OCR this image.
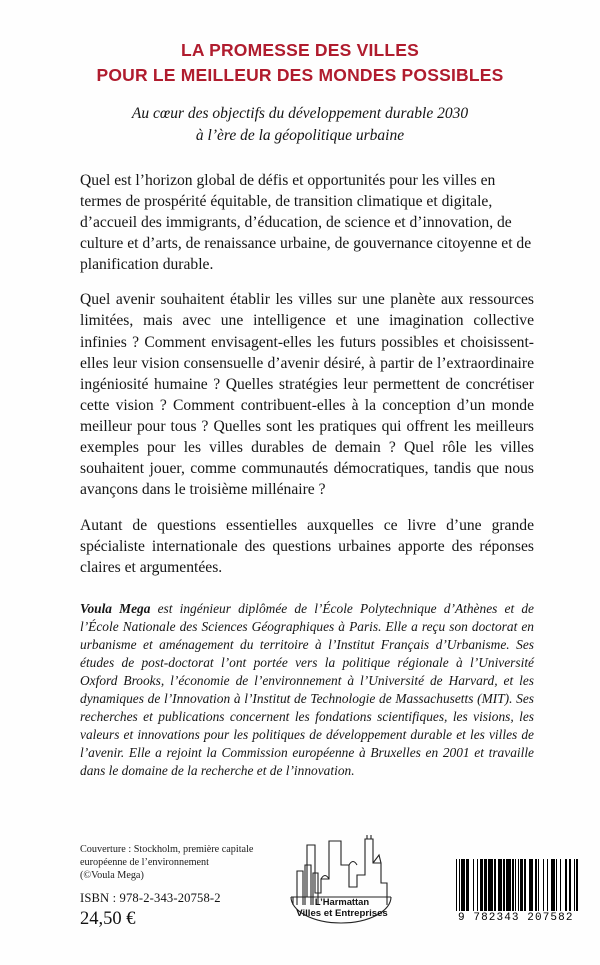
LA PROMESSE DES VILLES
POUR LE MEILLEUR DES MONDES POSSIBLES
Au cœur des objectifs du développement durable 2030
à l’ère de la géopolitique urbaine

Quel est l’horizon global de défis et opportunités pour les villes en termes de prospérité équitable, de transition climatique et digitale, d’accueil des immigrants, d’éducation, de science et d’innovation, de culture et d’arts, de renaissance urbaine, de gouvernance citoyenne et de planification durable.

Quel avenir souhaitent établir les villes sur une planète aux ressources limitées, mais avec une intelligence et une imagination collective infinies ? Comment envisagent-elles les futurs possibles et choisissent-elles leur vision consensuelle d’avenir désiré, à partir de l’extraordinaire ingéniosité humaine ? Quelles stratégies leur permettent de concrétiser cette vision ? Comment contribuent-elles à la conception d’un monde meilleur pour tous ? Quelles sont les pratiques qui offrent les meilleurs exemples pour les villes durables de demain ? Quel rôle les villes souhaitent jouer, comme communautés démocratiques, tandis que nous avançons dans le troisième millénaire ?

Autant de questions essentielles auxquelles ce livre d’une grande spécialiste internationale des questions urbaines apporte des réponses claires et argumentées.

Voula Mega est ingénieur diplômée de l’École Polytechnique d’Athènes et de l’École Nationale des Sciences Géographiques à Paris. Elle a reçu son doctorat en urbanisme et aménagement du territoire à l’Institut Français d’Urbanisme. Ses études de post-doctorat l’ont portée vers la politique régionale à l’Université Oxford Brooks, l’économie de l’environnement à l’Université de Harvard, et les dynamiques de l’Innovation à l’Institut de Technologie de Massachusetts (MIT). Ses recherches et publications concernent les fondations scientifiques, les visions, les valeurs et innovations pour les politiques de développement durable et les villes de l’avenir. Elle a rejoint la Commission européenne à Bruxelles en 2001 et travaille dans le domaine de la recherche et de l’innovation.
Couverture : Stockholm, première capitale
européenne de l’environnement
(©Voula Mega)
ISBN : 978-2-343-20758-2
24,50 €
L’Harmattan
Villes et Entreprises	9 782343 207582
